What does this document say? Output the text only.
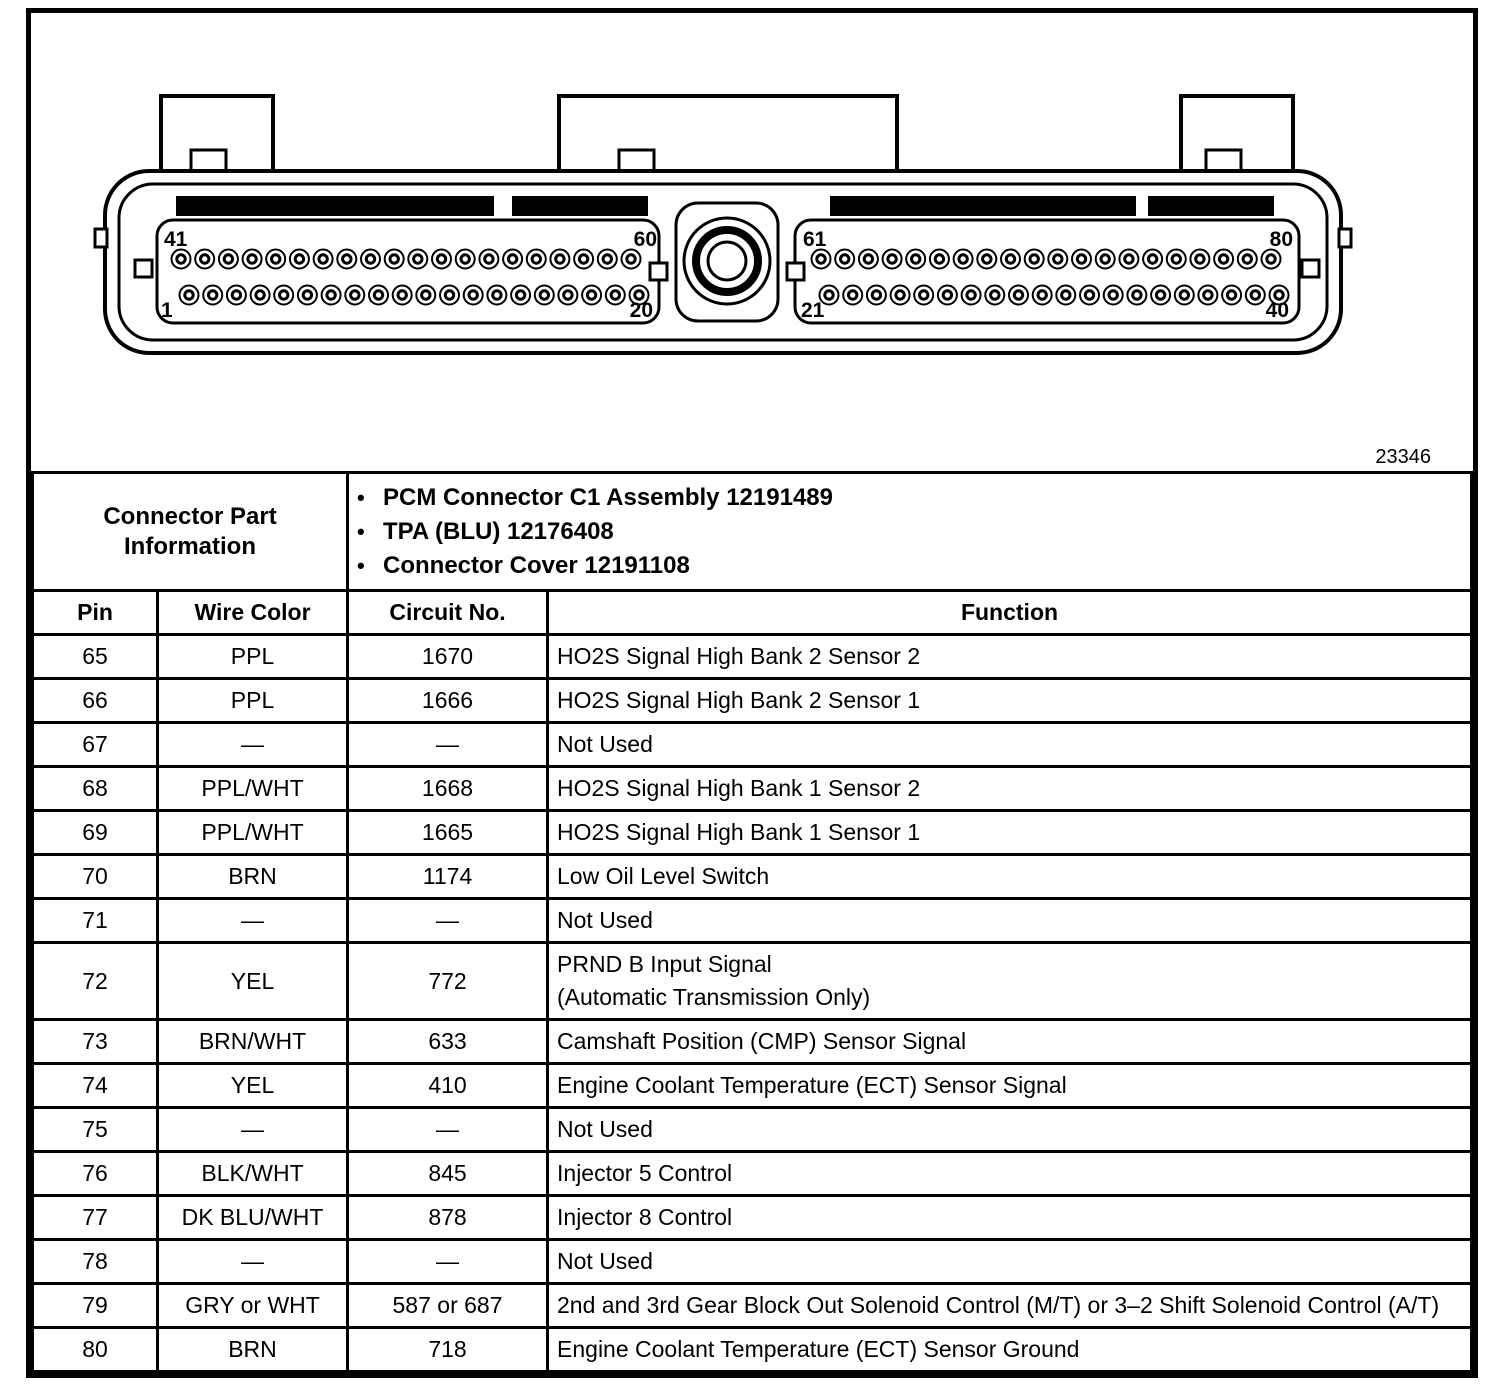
41	60
1	20
61	80
21	40
23346
Connector Part Information	
• PCM Connector C1 Assembly 12191489
• TPA (BLU) 12176408
• Connector Cover 12191108

Pin	Wire Color	Circuit No.	Function
65	PPL	1670	HO2S Signal High Bank 2 Sensor 2

66	PPL	1666	HO2S Signal High Bank 2 Sensor 1

67	—	—	Not Used

68	PPL/WHT	1668	HO2S Signal High Bank 1 Sensor 2

69	PPL/WHT	1665	HO2S Signal High Bank 1 Sensor 1

70	BRN	1174	Low Oil Level Switch

71	—	—	Not Used

72	YEL	772	PRND B Input Signal
(Automatic Transmission Only)

73	BRN/WHT	633	Camshaft Position (CMP) Sensor Signal

74	YEL	410	Engine Coolant Temperature (ECT) Sensor Signal

75	—	—	Not Used

76	BLK/WHT	845	Injector 5 Control

77	DK BLU/WHT	878	Injector 8 Control

78	—	—	Not Used

79	GRY or WHT	587 or 687	2nd and 3rd Gear Block Out Solenoid Control (M/T) or 3–2 Shift Solenoid Control (A/T)

80	BRN	718	Engine Coolant Temperature (ECT) Sensor Ground
